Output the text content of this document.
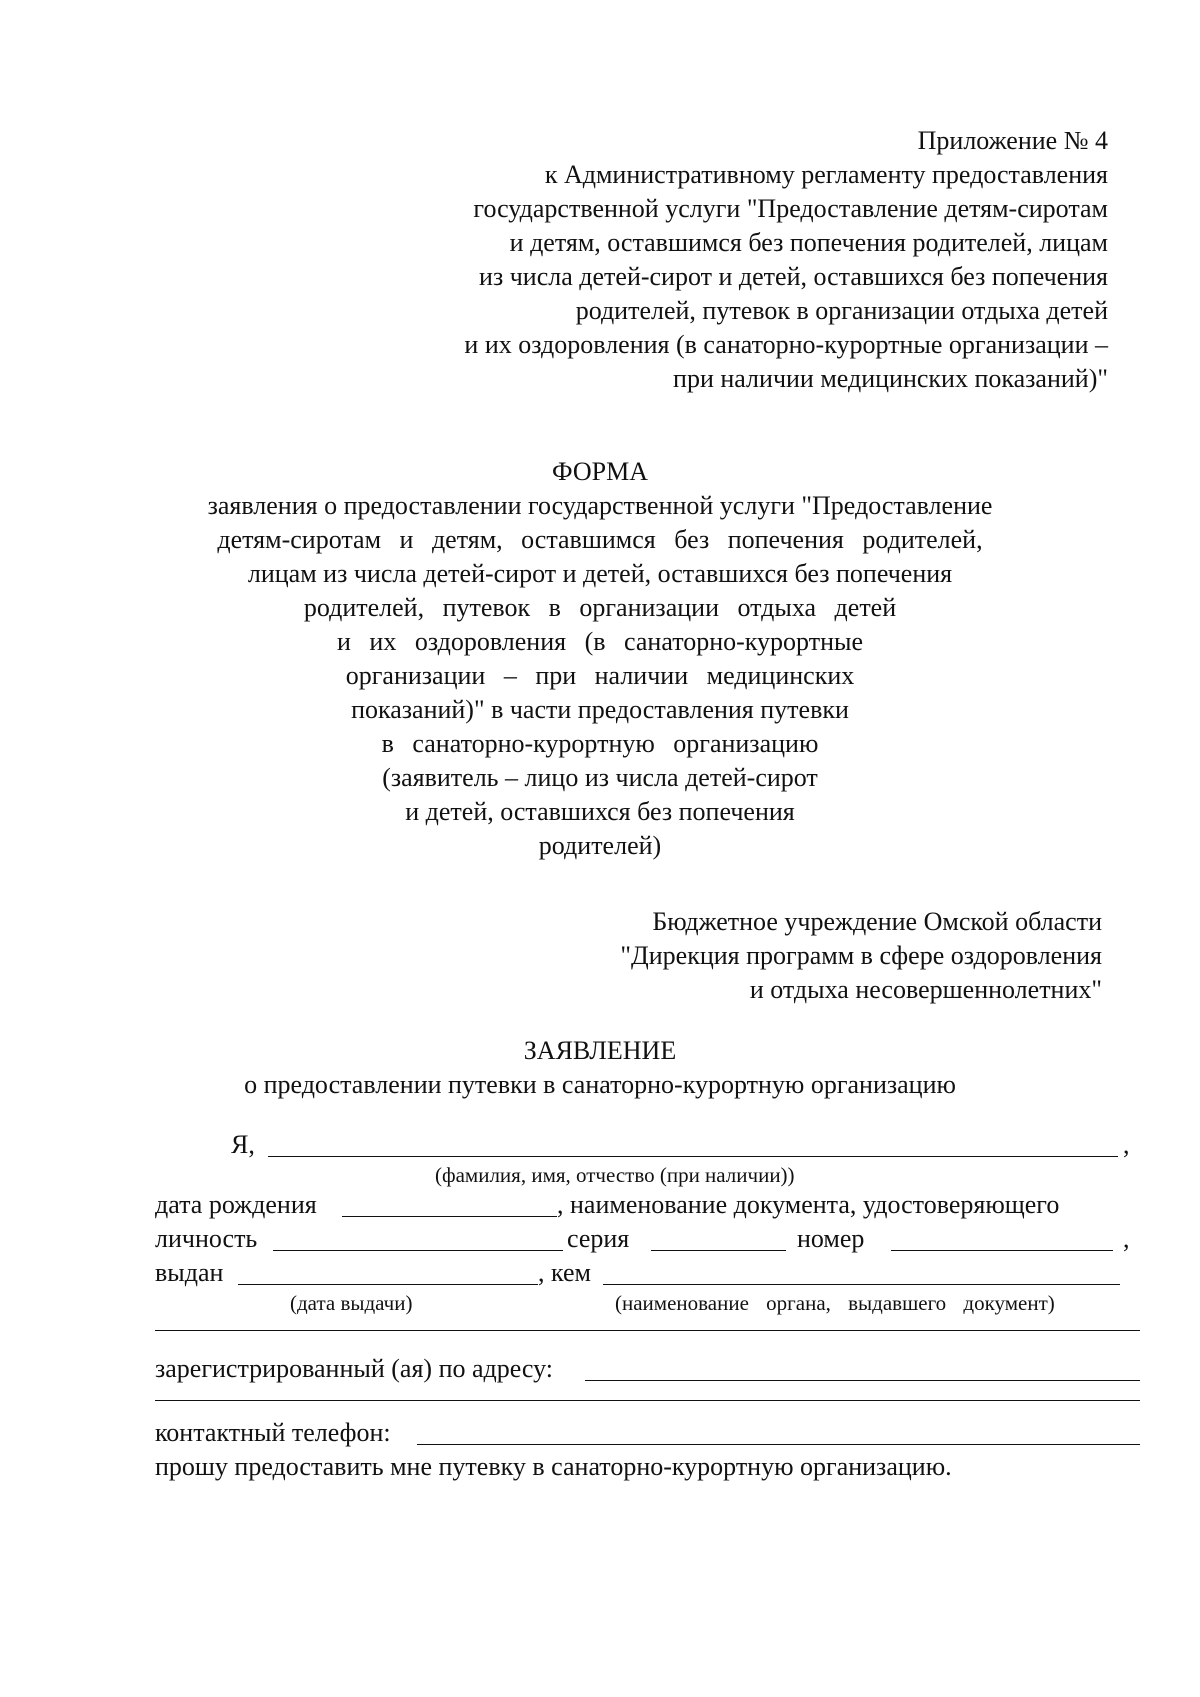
Приложение № 4
к Административному регламенту предоставления
государственной услуги "Предоставление детям-сиротам
и детям, оставшимся без попечения родителей, лицам
из числа детей-сирот и детей, оставшихся без попечения
родителей, путевок в организации отдыха детей
и их оздоровления (в санаторно-курортные организации –
при наличии медицинских показаний)"
ФОРМА
заявления о предоставлении государственной услуги "Предоставление
детям-сиротам и детям, оставшимся без попечения родителей,
лицам из числа детей-сирот и детей, оставшихся без попечения
родителей, путевок в организации отдыха детей
и их оздоровления (в санаторно-курортные
организации – при наличии медицинских
показаний)" в части предоставления путевки
в санаторно-курортную организацию
(заявитель – лицо из числа детей-сирот
и детей, оставшихся без попечения
родителей)
Бюджетное учреждение Омской области
"Дирекция программ в сфере оздоровления
и отдыха несовершеннолетних"
ЗАЯВЛЕНИЕ
о предоставлении путевки в санаторно-курортную организацию
Я,	,
(фамилия, имя, отчество (при наличии))
дата рождения	, наименование документа, удостоверяющего
личность	серия	номер	,
выдан	, кем
(дата выдачи)	(наименование органа, выдавшего документ)
зарегистрированный (ая) по адресу:
контактный телефон:
прошу предоставить мне путевку в санаторно-курортную организацию.
